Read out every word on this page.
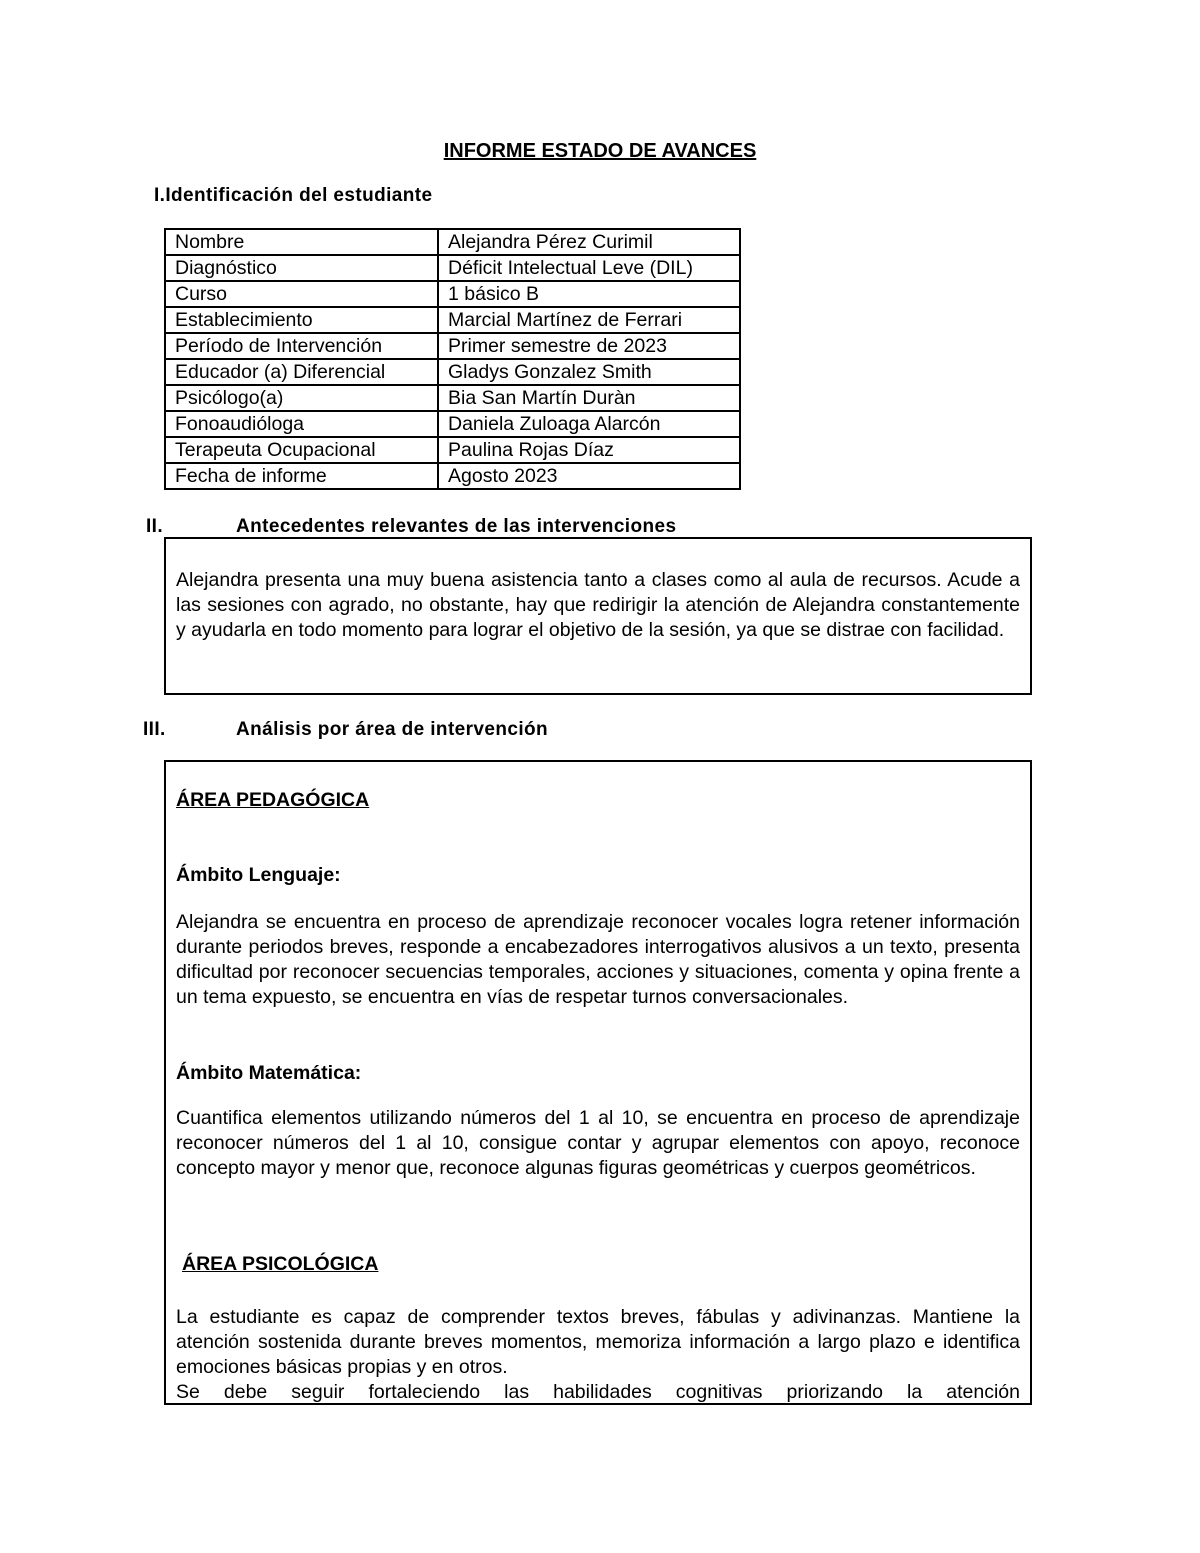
INFORME ESTADO DE AVANCES
I.Identificación del estudiante
Nombre	Alejandra Pérez Curimil
Diagnóstico	Déficit Intelectual Leve (DIL)
Curso	1 básico B
Establecimiento	Marcial Martínez de Ferrari
Período de Intervención	Primer semestre de 2023
Educador (a) Diferencial	Gladys Gonzalez Smith
Psicólogo(a)	Bia San Martín Duràn
Fonoaudióloga	Daniela Zuloaga Alarcón
Terapeuta Ocupacional	Paulina Rojas Díaz
Fecha de informe	Agosto 2023
II.	Antecedentes relevantes de las intervenciones

Alejandra presenta una muy buena asistencia tanto a clases como al aula de recursos. Acude a las sesiones con agrado, no obstante, hay que redirigir la atención de Alejandra constantemente y ayudarla en todo momento para lograr el objetivo de la sesión, ya que se distrae con facilidad.

III.	Análisis por área de intervención
ÁREA PEDAGÓGICA
Ámbito Lenguaje:

Alejandra se encuentra en proceso de aprendizaje reconocer vocales logra retener información durante periodos breves, responde a encabezadores interrogativos alusivos a un texto, presenta dificultad por reconocer secuencias temporales, acciones y situaciones, comenta y opina frente a un tema expuesto, se encuentra en vías de respetar turnos conversacionales.

Ámbito Matemática:

Cuantifica elementos utilizando números del 1 al 10, se encuentra en proceso de aprendizaje reconocer números del 1 al 10, consigue contar y agrupar elementos con apoyo, reconoce concepto mayor y menor que, reconoce algunas figuras geométricas y cuerpos geométricos.

ÁREA PSICOLÓGICA

La estudiante es capaz de comprender textos breves, fábulas y adivinanzas. Mantiene la atención sostenida durante breves momentos, memoriza información a largo plazo e identifica emociones básicas propias y en otros.

Se debe seguir fortaleciendo las habilidades cognitivas priorizando la atención
